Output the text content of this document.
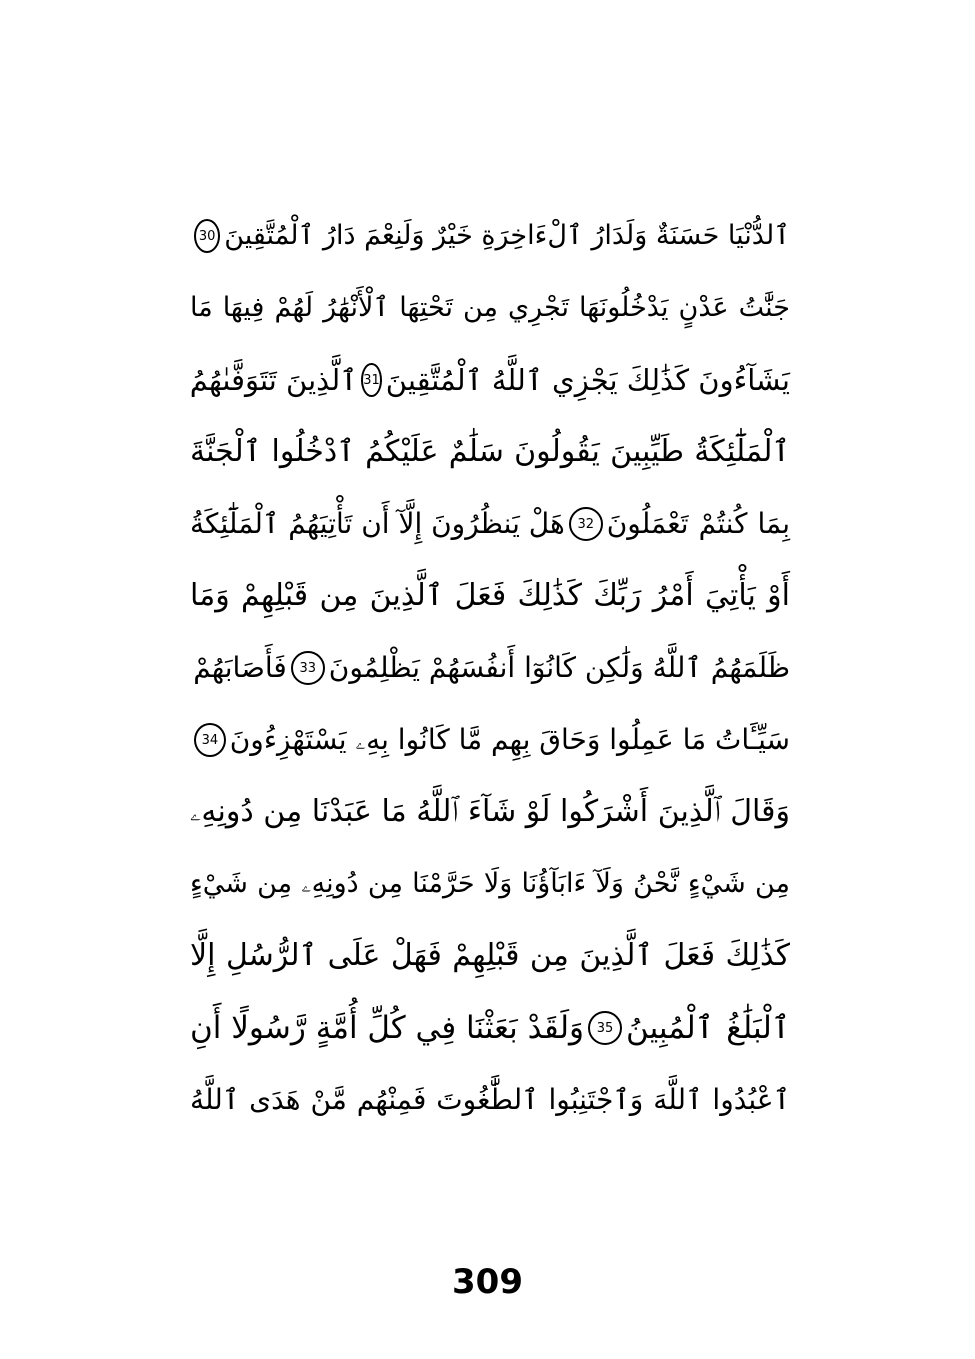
ٱلدُّنْيَا حَسَنَةٌ وَلَدَارُ ٱلْءَاخِرَةِ خَيْرٌ وَلَنِعْمَ دَارُ ٱلْمُتَّقِينَ
30
جَنَّٰتُ عَدْنٍ يَدْخُلُونَهَا تَجْرِي مِن تَحْتِهَا ٱلْأَنْهَٰرُ لَهُمْ فِيهَا مَا
يَشَآءُونَ كَذَٰلِكَ يَجْزِي ٱللَّهُ ٱلْمُتَّقِينَ
31
ٱلَّذِينَ تَتَوَفَّىٰهُمُ
ٱلْمَلَٰٓئِكَةُ طَيِّبِينَ يَقُولُونَ سَلَٰمٌ عَلَيْكُمُ ٱدْخُلُوا ٱلْجَنَّةَ
بِمَا كُنتُمْ تَعْمَلُونَ
32
هَلْ يَنظُرُونَ إِلَّآ أَن تَأْتِيَهُمُ ٱلْمَلَٰٓئِكَةُ
أَوْ يَأْتِيَ أَمْرُ رَبِّكَ كَذَٰلِكَ فَعَلَ ٱلَّذِينَ مِن قَبْلِهِمْ وَمَا
ظَلَمَهُمُ ٱللَّهُ وَلَٰكِن كَانُوٓا أَنفُسَهُمْ يَظْلِمُونَ
33
فَأَصَابَهُمْ
سَيِّـَٔاتُ مَا عَمِلُوا وَحَاقَ بِهِم مَّا كَانُوا بِهِۦ يَسْتَهْزِءُونَ
34
وَقَالَ ٱلَّذِينَ أَشْرَكُوا لَوْ شَآءَ ٱللَّهُ مَا عَبَدْنَا مِن دُونِهِۦ
مِن شَيْءٍ نَّحْنُ وَلَآ ءَابَآؤُنَا وَلَا حَرَّمْنَا مِن دُونِهِۦ مِن شَيْءٍ
كَذَٰلِكَ فَعَلَ ٱلَّذِينَ مِن قَبْلِهِمْ فَهَلْ عَلَى ٱلرُّسُلِ إِلَّا
ٱلْبَلَٰغُ ٱلْمُبِينُ
35
وَلَقَدْ بَعَثْنَا فِي كُلِّ أُمَّةٍ رَّسُولًا أَنِ
ٱعْبُدُوا ٱللَّهَ وَٱجْتَنِبُوا ٱلطَّٰغُوتَ فَمِنْهُم مَّنْ هَدَى ٱللَّهُ
309
